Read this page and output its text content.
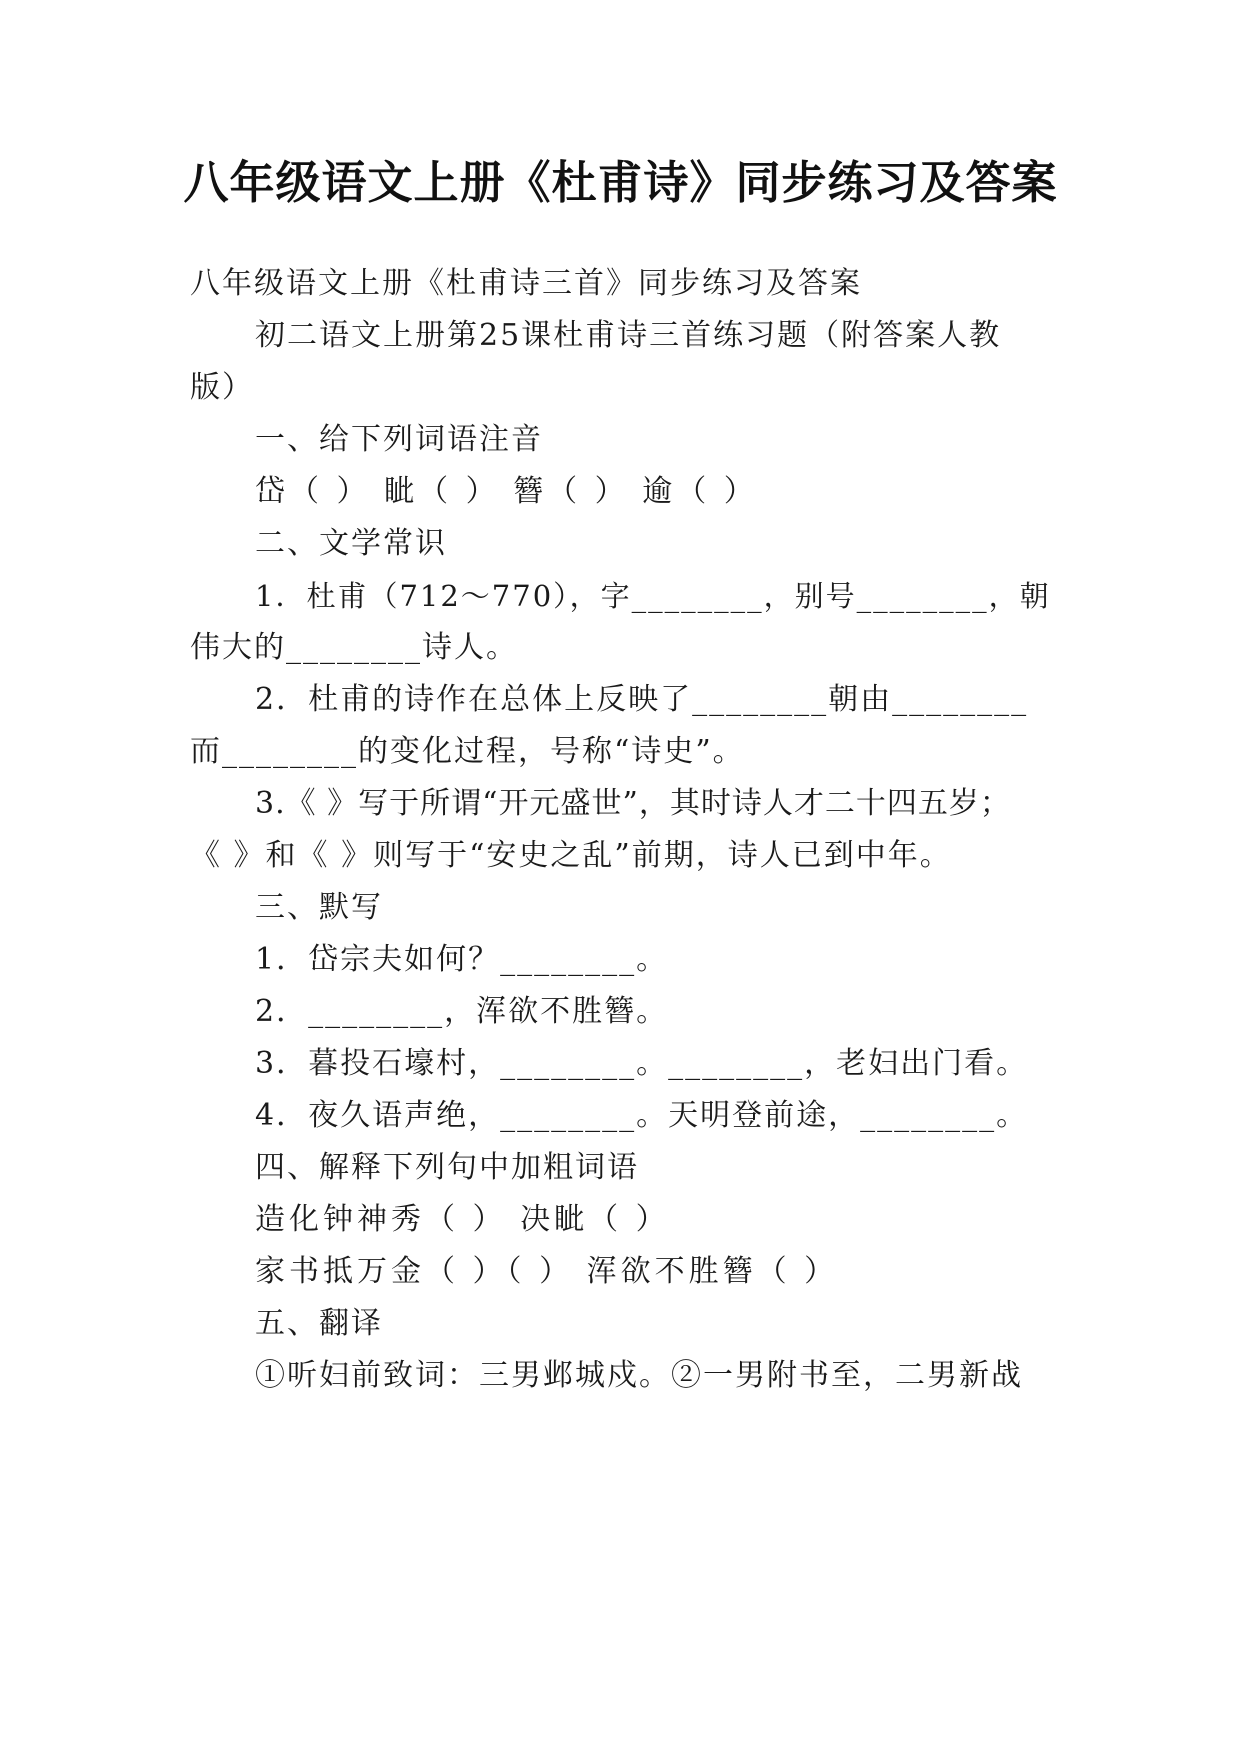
八年级语文上册《杜甫诗》同步练习及答案
八年级语文上册《杜甫诗三首》同步练习及答案
初二语文上册第25课杜甫诗三首练习题（附答案人教
版）
一、给下列词语注音
岱（ ） 眦（ ） 簪（ ） 逾（ ）
二、文学常识
1．杜甫（712～770），字________，别号________，朝
伟大的________诗人。
2．杜甫的诗作在总体上反映了________朝由________
而________的变化过程，号称“诗史”。
3.《 》写于所谓“开元盛世”，其时诗人才二十四五岁；
《 》和《 》则写于“安史之乱”前期，诗人已到中年。
三、默写
1．岱宗夫如何？________。
2．________，浑欲不胜簪。
3．暮投石壕村，________。________，老妇出门看。
4．夜久语声绝，________。天明登前途，________。
四、解释下列句中加粗词语
造化钟神秀（ ） 决眦（ ）
家书抵万金（ ）（ ） 浑欲不胜簪（ ）
五、翻译
①听妇前致词：三男邺城戍。②一男附书至，二男新战
